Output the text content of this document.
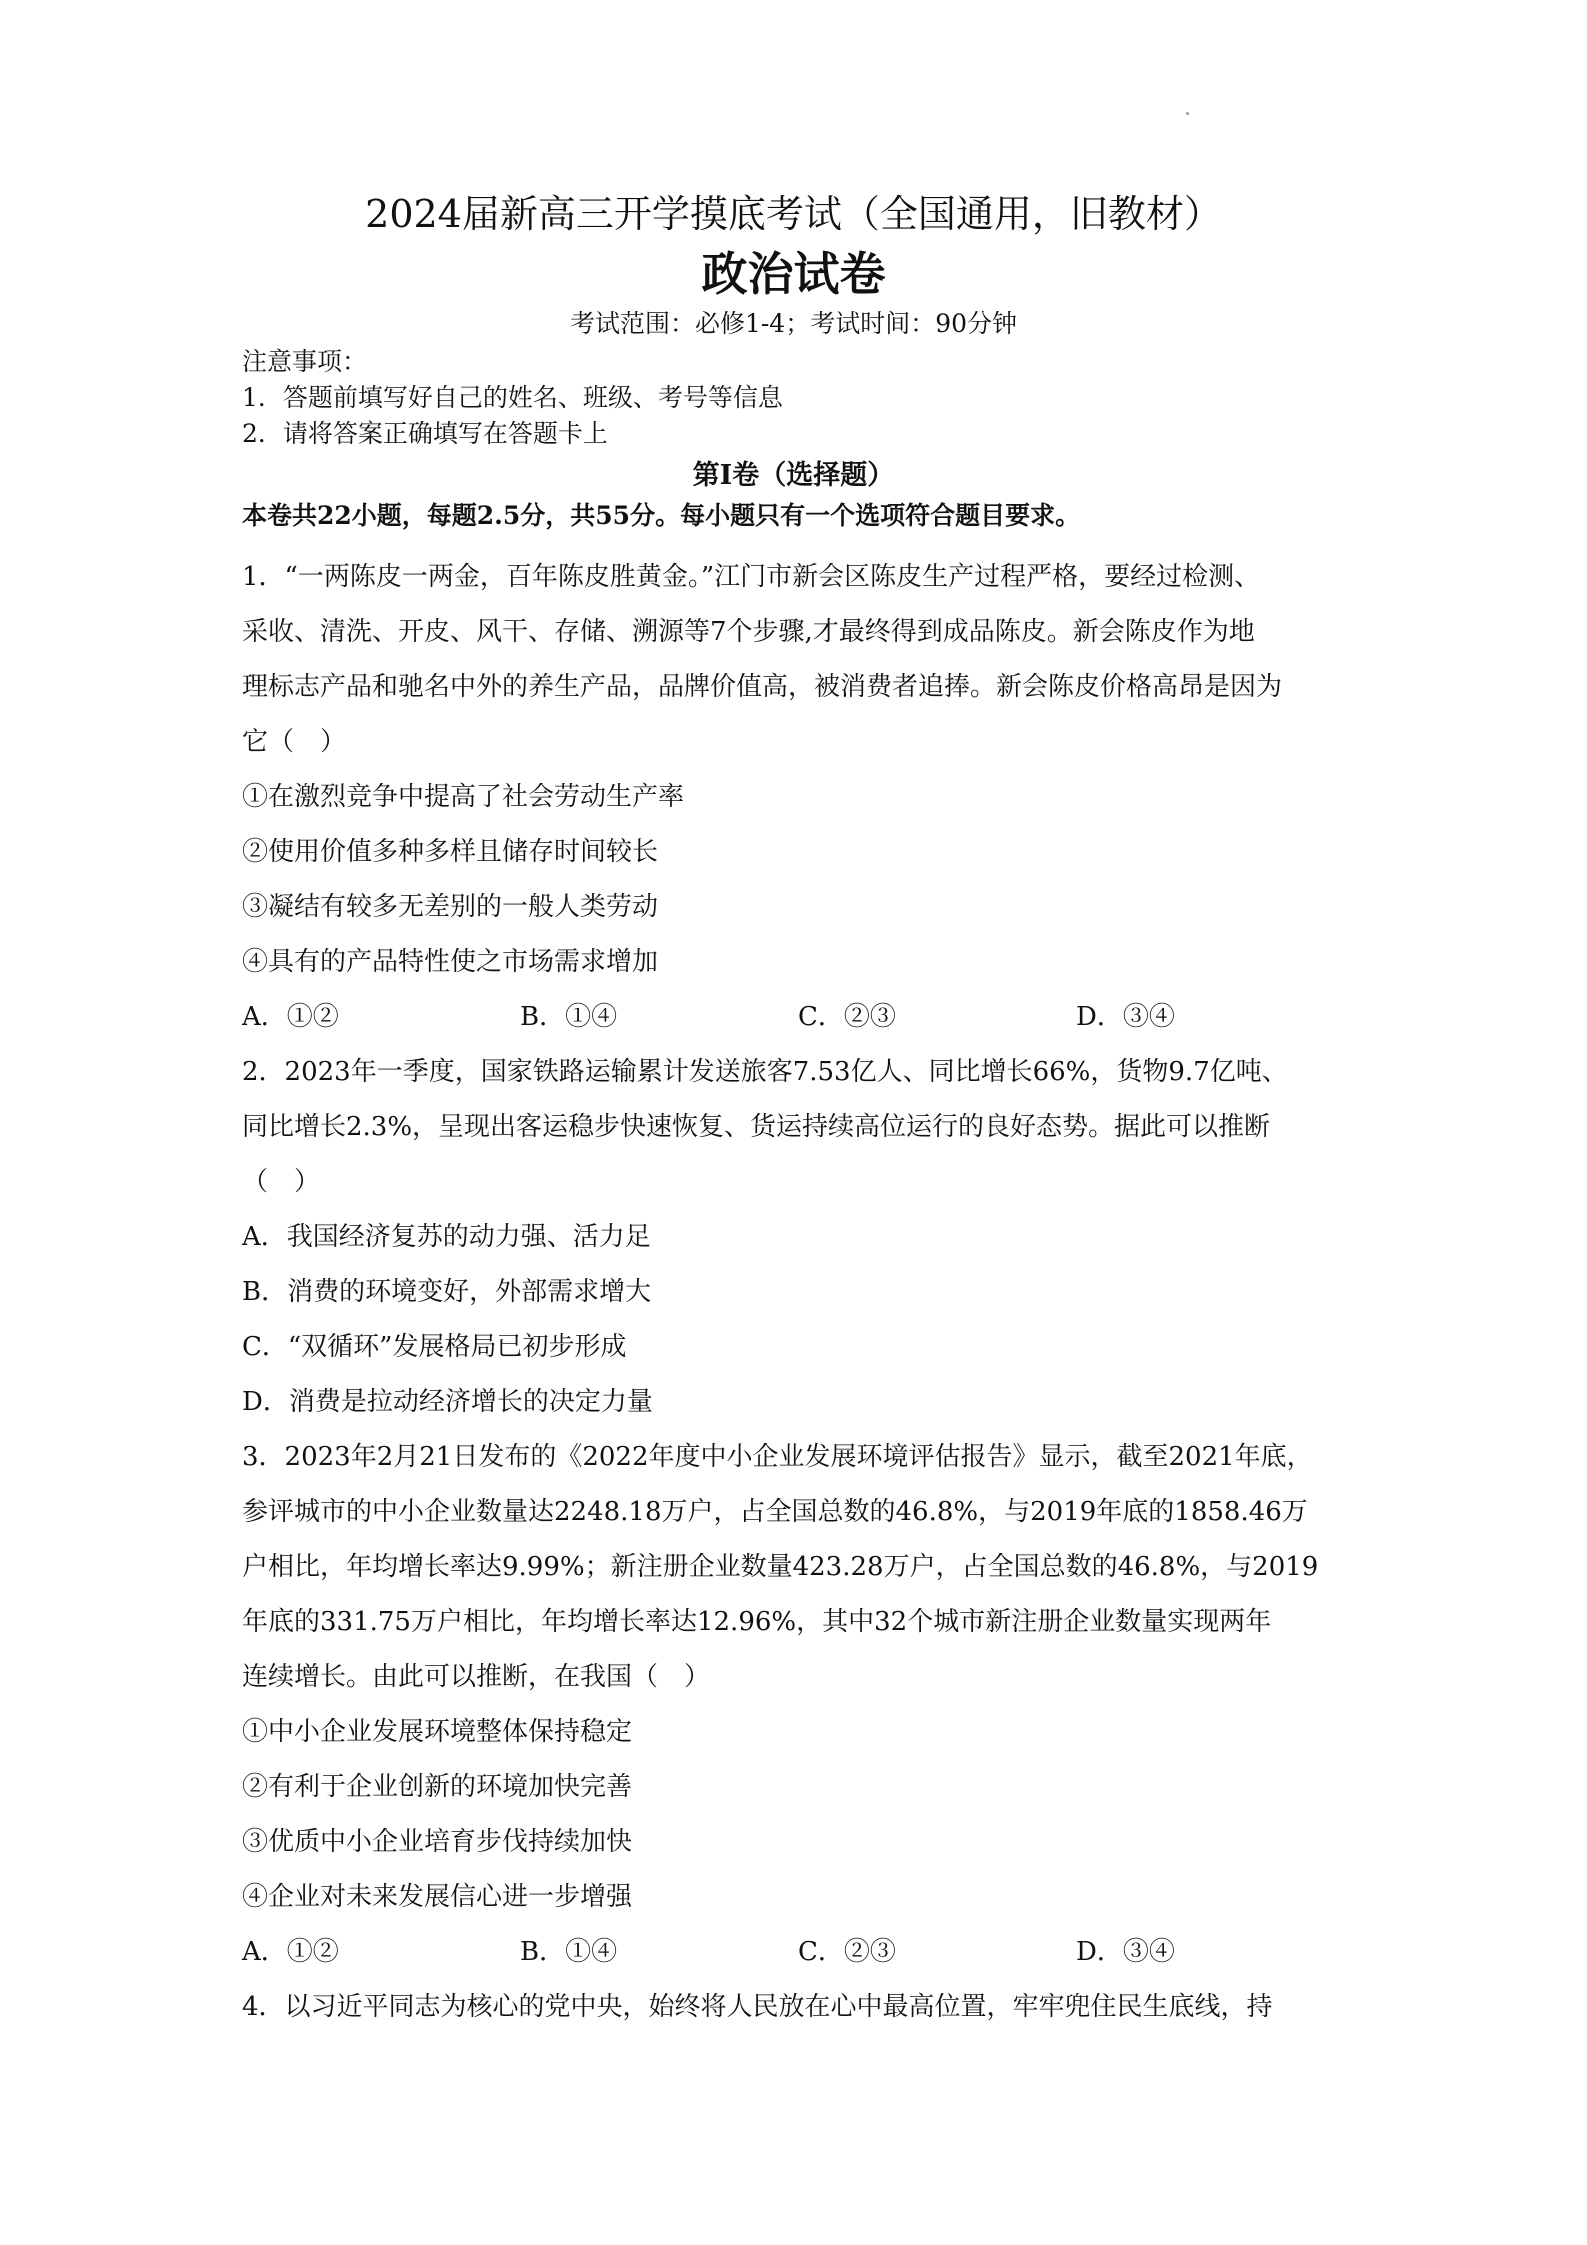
2024届新高三开学摸底考试（全国通用，旧教材）
政治试卷
考试范围：必修1-4；考试时间：90分钟
注意事项：
1．答题前填写好自己的姓名、班级、考号等信息
2．请将答案正确填写在答题卡上
第I卷（选择题）
本卷共22小题，每题2.5分，共55分。每小题只有一个选项符合题目要求。
1．“一两陈皮一两金，百年陈皮胜黄金。”江门市新会区陈皮生产过程严格，要经过检测、
采收、清洗、开皮、风干、存储、溯源等7个步骤,才最终得到成品陈皮。新会陈皮作为地
理标志产品和驰名中外的养生产品，品牌价值高，被消费者追捧。新会陈皮价格高昂是因为
它（　）
①在激烈竞争中提高了社会劳动生产率
②使用价值多种多样且储存时间较长
③凝结有较多无差别的一般人类劳动
④具有的产品特性使之市场需求增加
A．①②	B．①④	C．②③	D．③④
2．2023年一季度，国家铁路运输累计发送旅客7.53亿人、同比增长66%，货物9.7亿吨、
同比增长2.3%，呈现出客运稳步快速恢复、货运持续高位运行的良好态势。据此可以推断
（　）
A．我国经济复苏的动力强、活力足
B．消费的环境变好，外部需求增大
C．“双循环”发展格局已初步形成
D．消费是拉动经济增长的决定力量
3．2023年2月21日发布的《2022年度中小企业发展环境评估报告》显示，截至2021年底，
参评城市的中小企业数量达2248.18万户，占全国总数的46.8%，与2019年底的1858.46万
户相比，年均增长率达9.99%；新注册企业数量423.28万户，占全国总数的46.8%，与2019
年底的331.75万户相比，年均增长率达12.96%，其中32个城市新注册企业数量实现两年
连续增长。由此可以推断，在我国（　）
①中小企业发展环境整体保持稳定
②有利于企业创新的环境加快完善
③优质中小企业培育步伐持续加快
④企业对未来发展信心进一步增强
A．①②	B．①④	C．②③	D．③④
4．以习近平同志为核心的党中央，始终将人民放在心中最高位置，牢牢兜住民生底线，持
